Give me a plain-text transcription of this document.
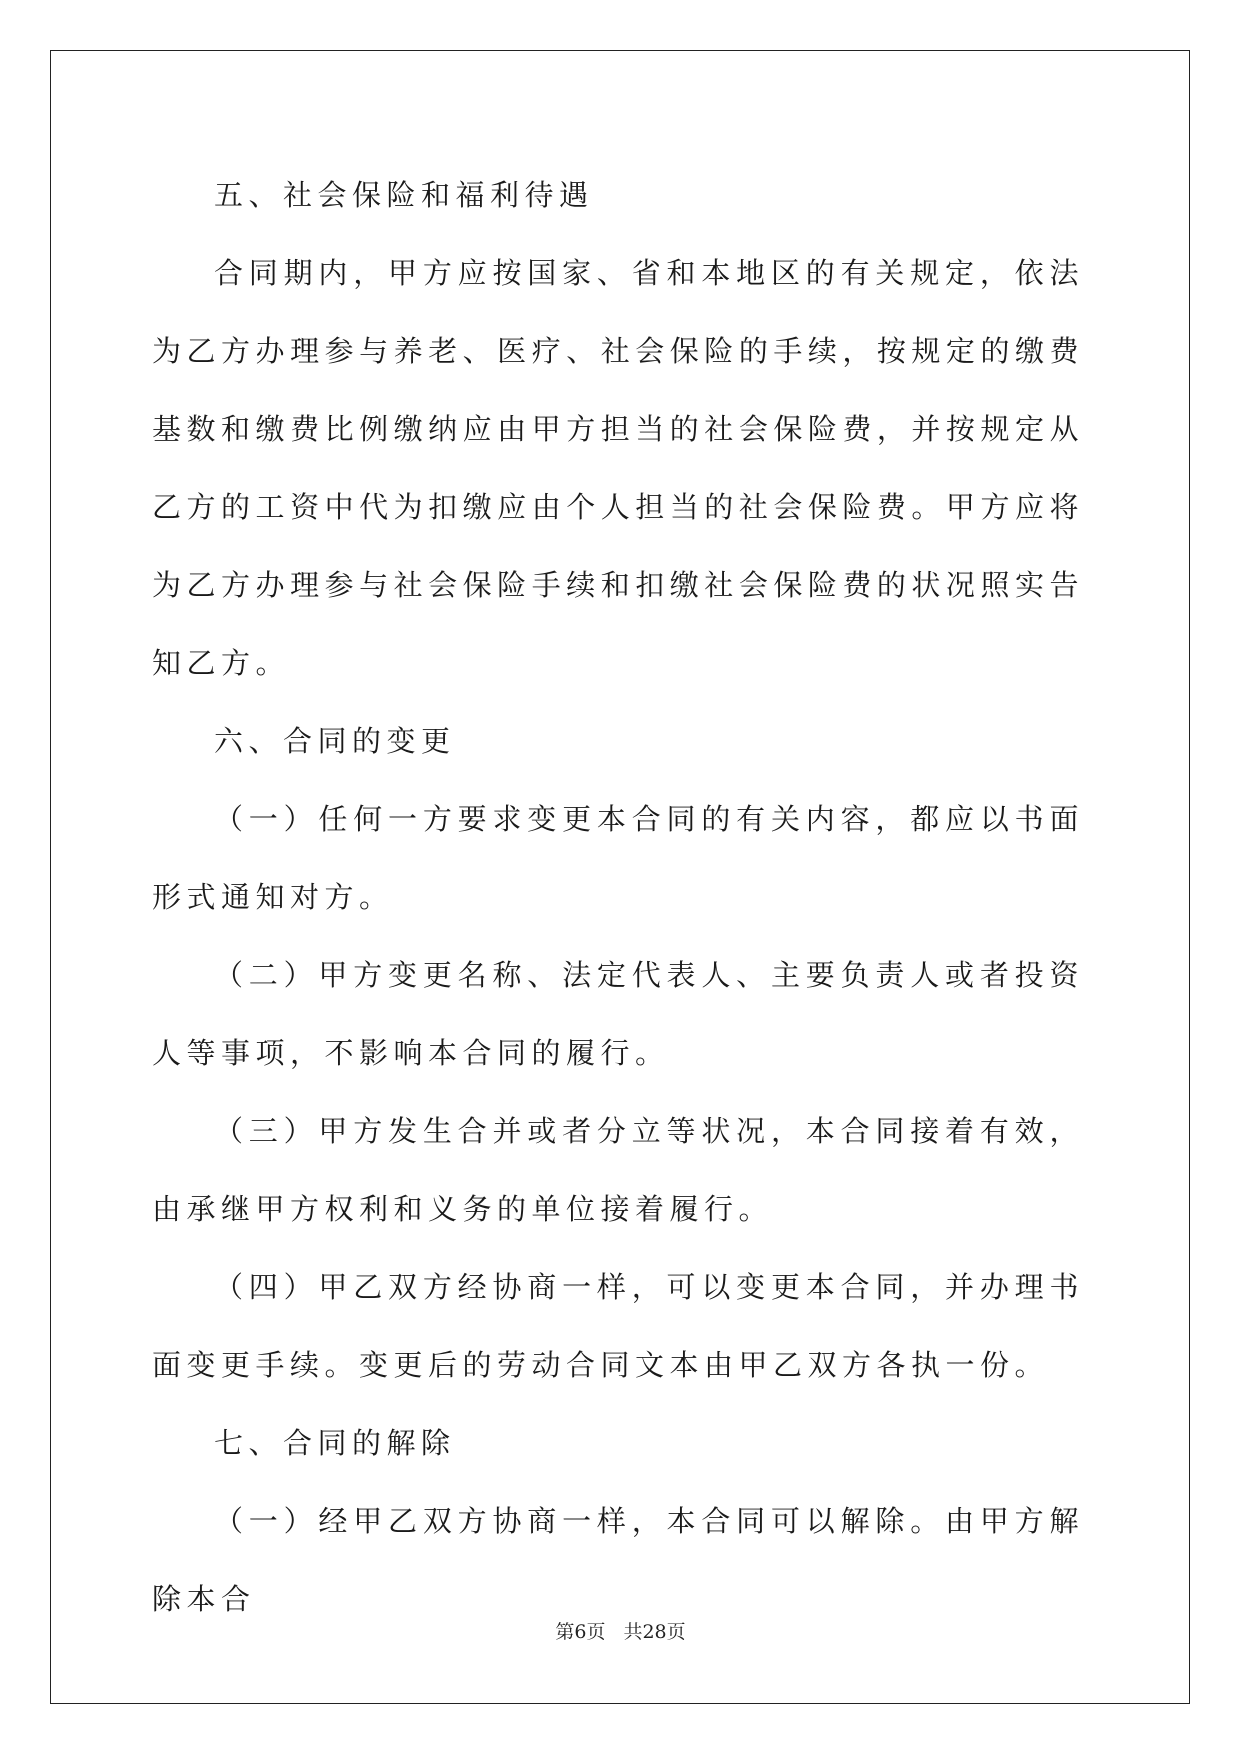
五、社会保险和福利待遇

合同期内，甲方应按国家、省和本地区的有关规定，依法为乙方办理参与养老、医疗、社会保险的手续，按规定的缴费基数和缴费比例缴纳应由甲方担当的社会保险费，并按规定从乙方的工资中代为扣缴应由个人担当的社会保险费。甲方应将为乙方办理参与社会保险手续和扣缴社会保险费的状况照实告知乙方。

六、合同的变更

（一）任何一方要求变更本合同的有关内容，都应以书面形式通知对方。

（二）甲方变更名称、法定代表人、主要负责人或者投资人等事项，不影响本合同的履行。

（三）甲方发生合并或者分立等状况，本合同接着有效，由承继甲方权利和义务的单位接着履行。

（四）甲乙双方经协商一样，可以变更本合同，并办理书面变更手续。变更后的劳动合同文本由甲乙双方各执一份。

七、合同的解除

（一）经甲乙双方协商一样，本合同可以解除。由甲方解除本合

第6页 共28页
